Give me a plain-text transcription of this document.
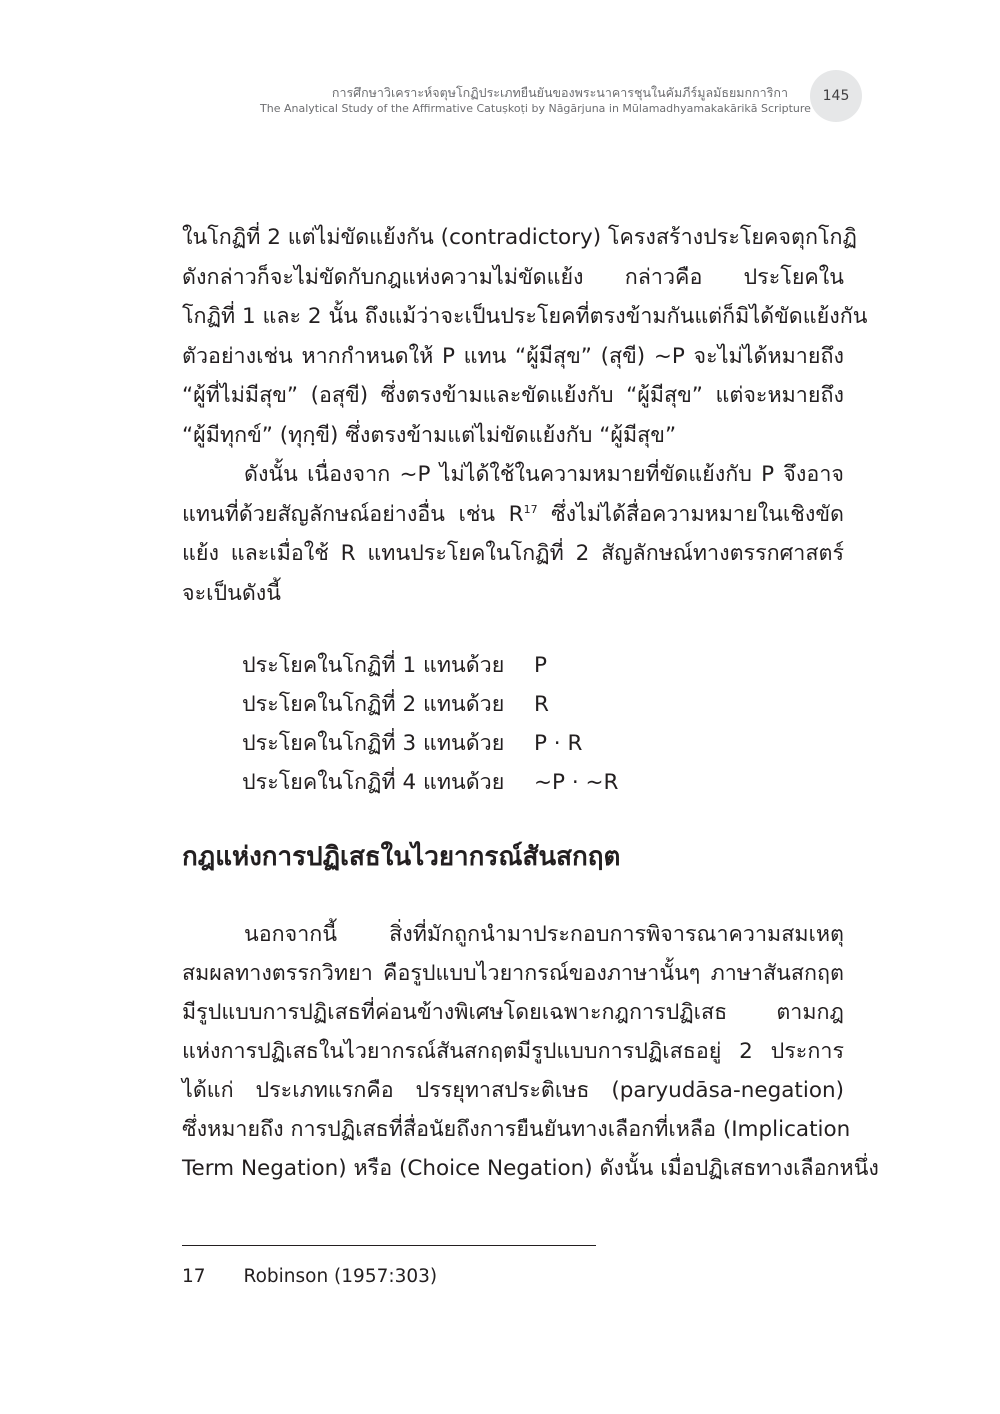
การศึกษาวิเคราะห์จตุษโกฏิประเภทยืนยันของพระนาคารชุนในคัมภีร์มูลมัธยมกการิกา
The Analytical Study of the Affirmative Catuṣkoṭi by Nāgārjuna in Mūlamadhyamakakārikā Scripture
145
ในโกฏิที่ 2 แต่ไม่ขัดแย้งกัน (contradictory) โครงสร้างประโยคจตุกโกฏิ
ดังกล่าวก็จะไม่ขัดกับกฎแห่งความไม่ขัดแย้ง กล่าวคือ ประโยคใน
โกฏิที่ 1 และ 2 นั้น ถึงแม้ว่าจะเป็นประโยคที่ตรงข้ามกันแต่ก็มิได้ขัดแย้งกัน
ตัวอย่างเช่น หากกำหนดให้ P แทน “ผู้มีสุข” (สุขี) ~P จะไม่ได้หมายถึง
“ผู้ที่ไม่มีสุข” (อสุขี) ซึ่งตรงข้ามและขัดแย้งกับ “ผู้มีสุข” แต่จะหมายถึง
“ผู้มีทุกข์” (ทุกฺขี) ซึ่งตรงข้ามแต่ไม่ขัดแย้งกับ “ผู้มีสุข”
ดังนั้น เนื่องจาก ~P ไม่ได้ใช้ในความหมายที่ขัดแย้งกับ P จึงอาจ
แทนที่ด้วยสัญลักษณ์อย่างอื่น เช่น $R^{17}$ ซึ่งไม่ได้สื่อความหมายในเชิงขัด
แย้ง และเมื่อใช้ R แทนประโยคในโกฏิที่ 2 สัญลักษณ์ทางตรรกศาสตร์
จะเป็นดังนี้
ประโยคในโกฏิที่ 1 แทนด้วย	P
ประโยคในโกฏิที่ 2 แทนด้วย	R
ประโยคในโกฏิที่ 3 แทนด้วย	P · R
ประโยคในโกฏิที่ 4 แทนด้วย	~P · ~R
กฎแห่งการปฏิเสธในไวยากรณ์สันสกฤต
นอกจากนี้ สิ่งที่มักถูกนำมาประกอบการพิจารณาความสมเหตุ
สมผลทางตรรกวิทยา คือรูปแบบไวยากรณ์ของภาษานั้นๆ ภาษาสันสกฤต
มีรูปแบบการปฏิเสธที่ค่อนข้างพิเศษโดยเฉพาะกฎการปฏิเสธ ตามกฎ
แห่งการปฏิเสธในไวยากรณ์สันสกฤตมีรูปแบบการปฏิเสธอยู่ 2 ประการ
ได้แก่ ประเภทแรกคือ ปรรยุทาสประติเษธ (paryudāsa-negation)
ซึ่งหมายถึง การปฏิเสธที่สื่อนัยถึงการยืนยันทางเลือกที่เหลือ (Implication
Term Negation) หรือ (Choice Negation) ดังนั้น เมื่อปฏิเสธทางเลือกหนึ่ง
17 Robinson (1957:303)
